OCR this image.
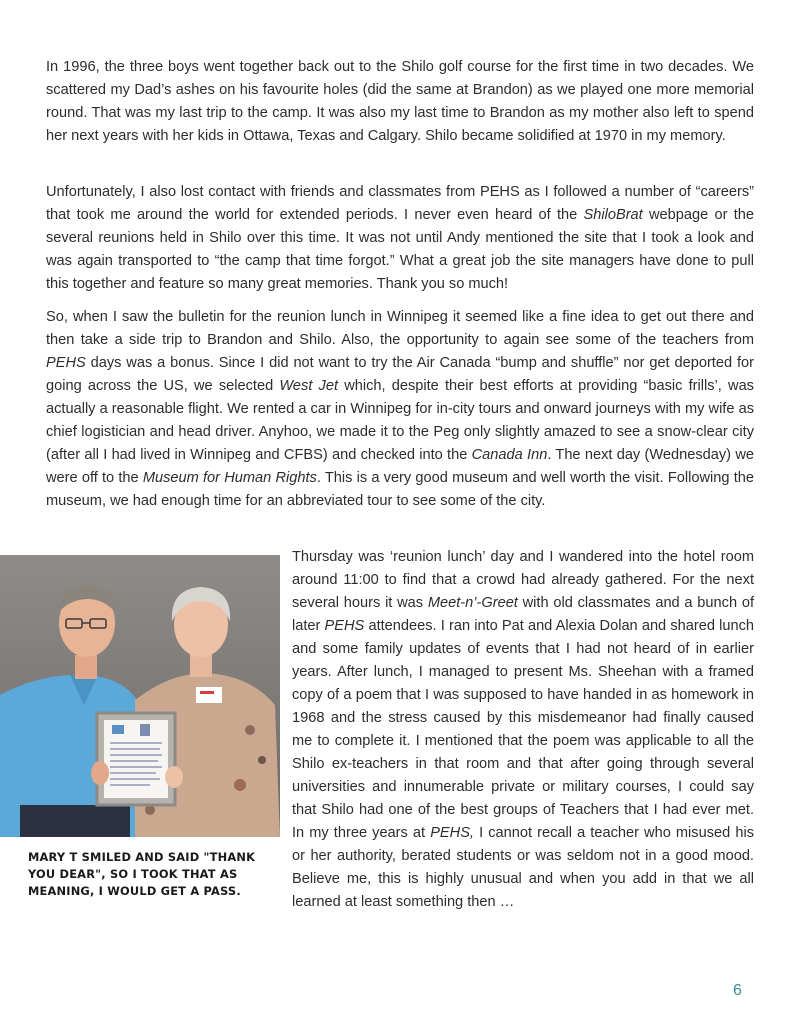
In 1996, the three boys went together back out to the Shilo golf course for the first time in two decades. We scattered my Dad’s ashes on his favourite holes (did the same at Brandon) as we played one more memorial round. That was my last trip to the camp. It was also my last time to Brandon as my mother also left to spend her next years with her kids in Ottawa, Texas and Calgary. Shilo became solidified at 1970 in my memory.

Unfortunately, I also lost contact with friends and classmates from PEHS as I followed a number of “careers” that took me around the world for extended periods. I never even heard of the ShiloBrat webpage or the several reunions held in Shilo over this time. It was not until Andy mentioned the site that I took a look and was again transported to “the camp that time forgot.” What a great job the site managers have done to pull this together and feature so many great memories. Thank you so much!

So, when I saw the bulletin for the reunion lunch in Winnipeg it seemed like a fine idea to get out there and then take a side trip to Brandon and Shilo. Also, the opportunity to again see some of the teachers from PEHS days was a bonus. Since I did not want to try the Air Canada “bump and shuffle” nor get deported for going across the US, we selected West Jet which, despite their best efforts at providing “basic frills’, was actually a reasonable flight. We rented a car in Winnipeg for in-city tours and onward journeys with my wife as chief logistician and head driver. Anyhoo, we made it to the Peg only slightly amazed to see a snow-clear city (after all I had lived in Winnipeg and CFBS) and checked into the Canada Inn. The next day (Wednesday) we were off to the Museum for Human Rights. This is a very good museum and well worth the visit. Following the museum, we had enough time for an abbreviated tour to see some of the city.

MARY T SMILED AND SAID "THANK YOU DEAR", SO I TOOK THAT AS MEANING, I WOULD GET A PASS.

Thursday was ‘reunion lunch’ day and I wandered into the hotel room around 11:00 to find that a crowd had already gathered. For the next several hours it was Meet-n’-Greet with old classmates and a bunch of later PEHS attendees. I ran into Pat and Alexia Dolan and shared lunch and some family updates of events that I had not heard of in earlier years. After lunch, I managed to present Ms. Sheehan with a framed copy of a poem that I was supposed to have handed in as homework in 1968 and the stress caused by this misdemeanor had finally caused me to complete it. I mentioned that the poem was applicable to all the Shilo ex-teachers in that room and that after going through several universities and innumerable private or military courses, I could say that Shilo had one of the best groups of Teachers that I had ever met. In my three years at PEHS, I cannot recall a teacher who misused his or her authority, berated students or was seldom not in a good mood. Believe me, this is highly unusual and when you add in that we all learned at least something then …

6
